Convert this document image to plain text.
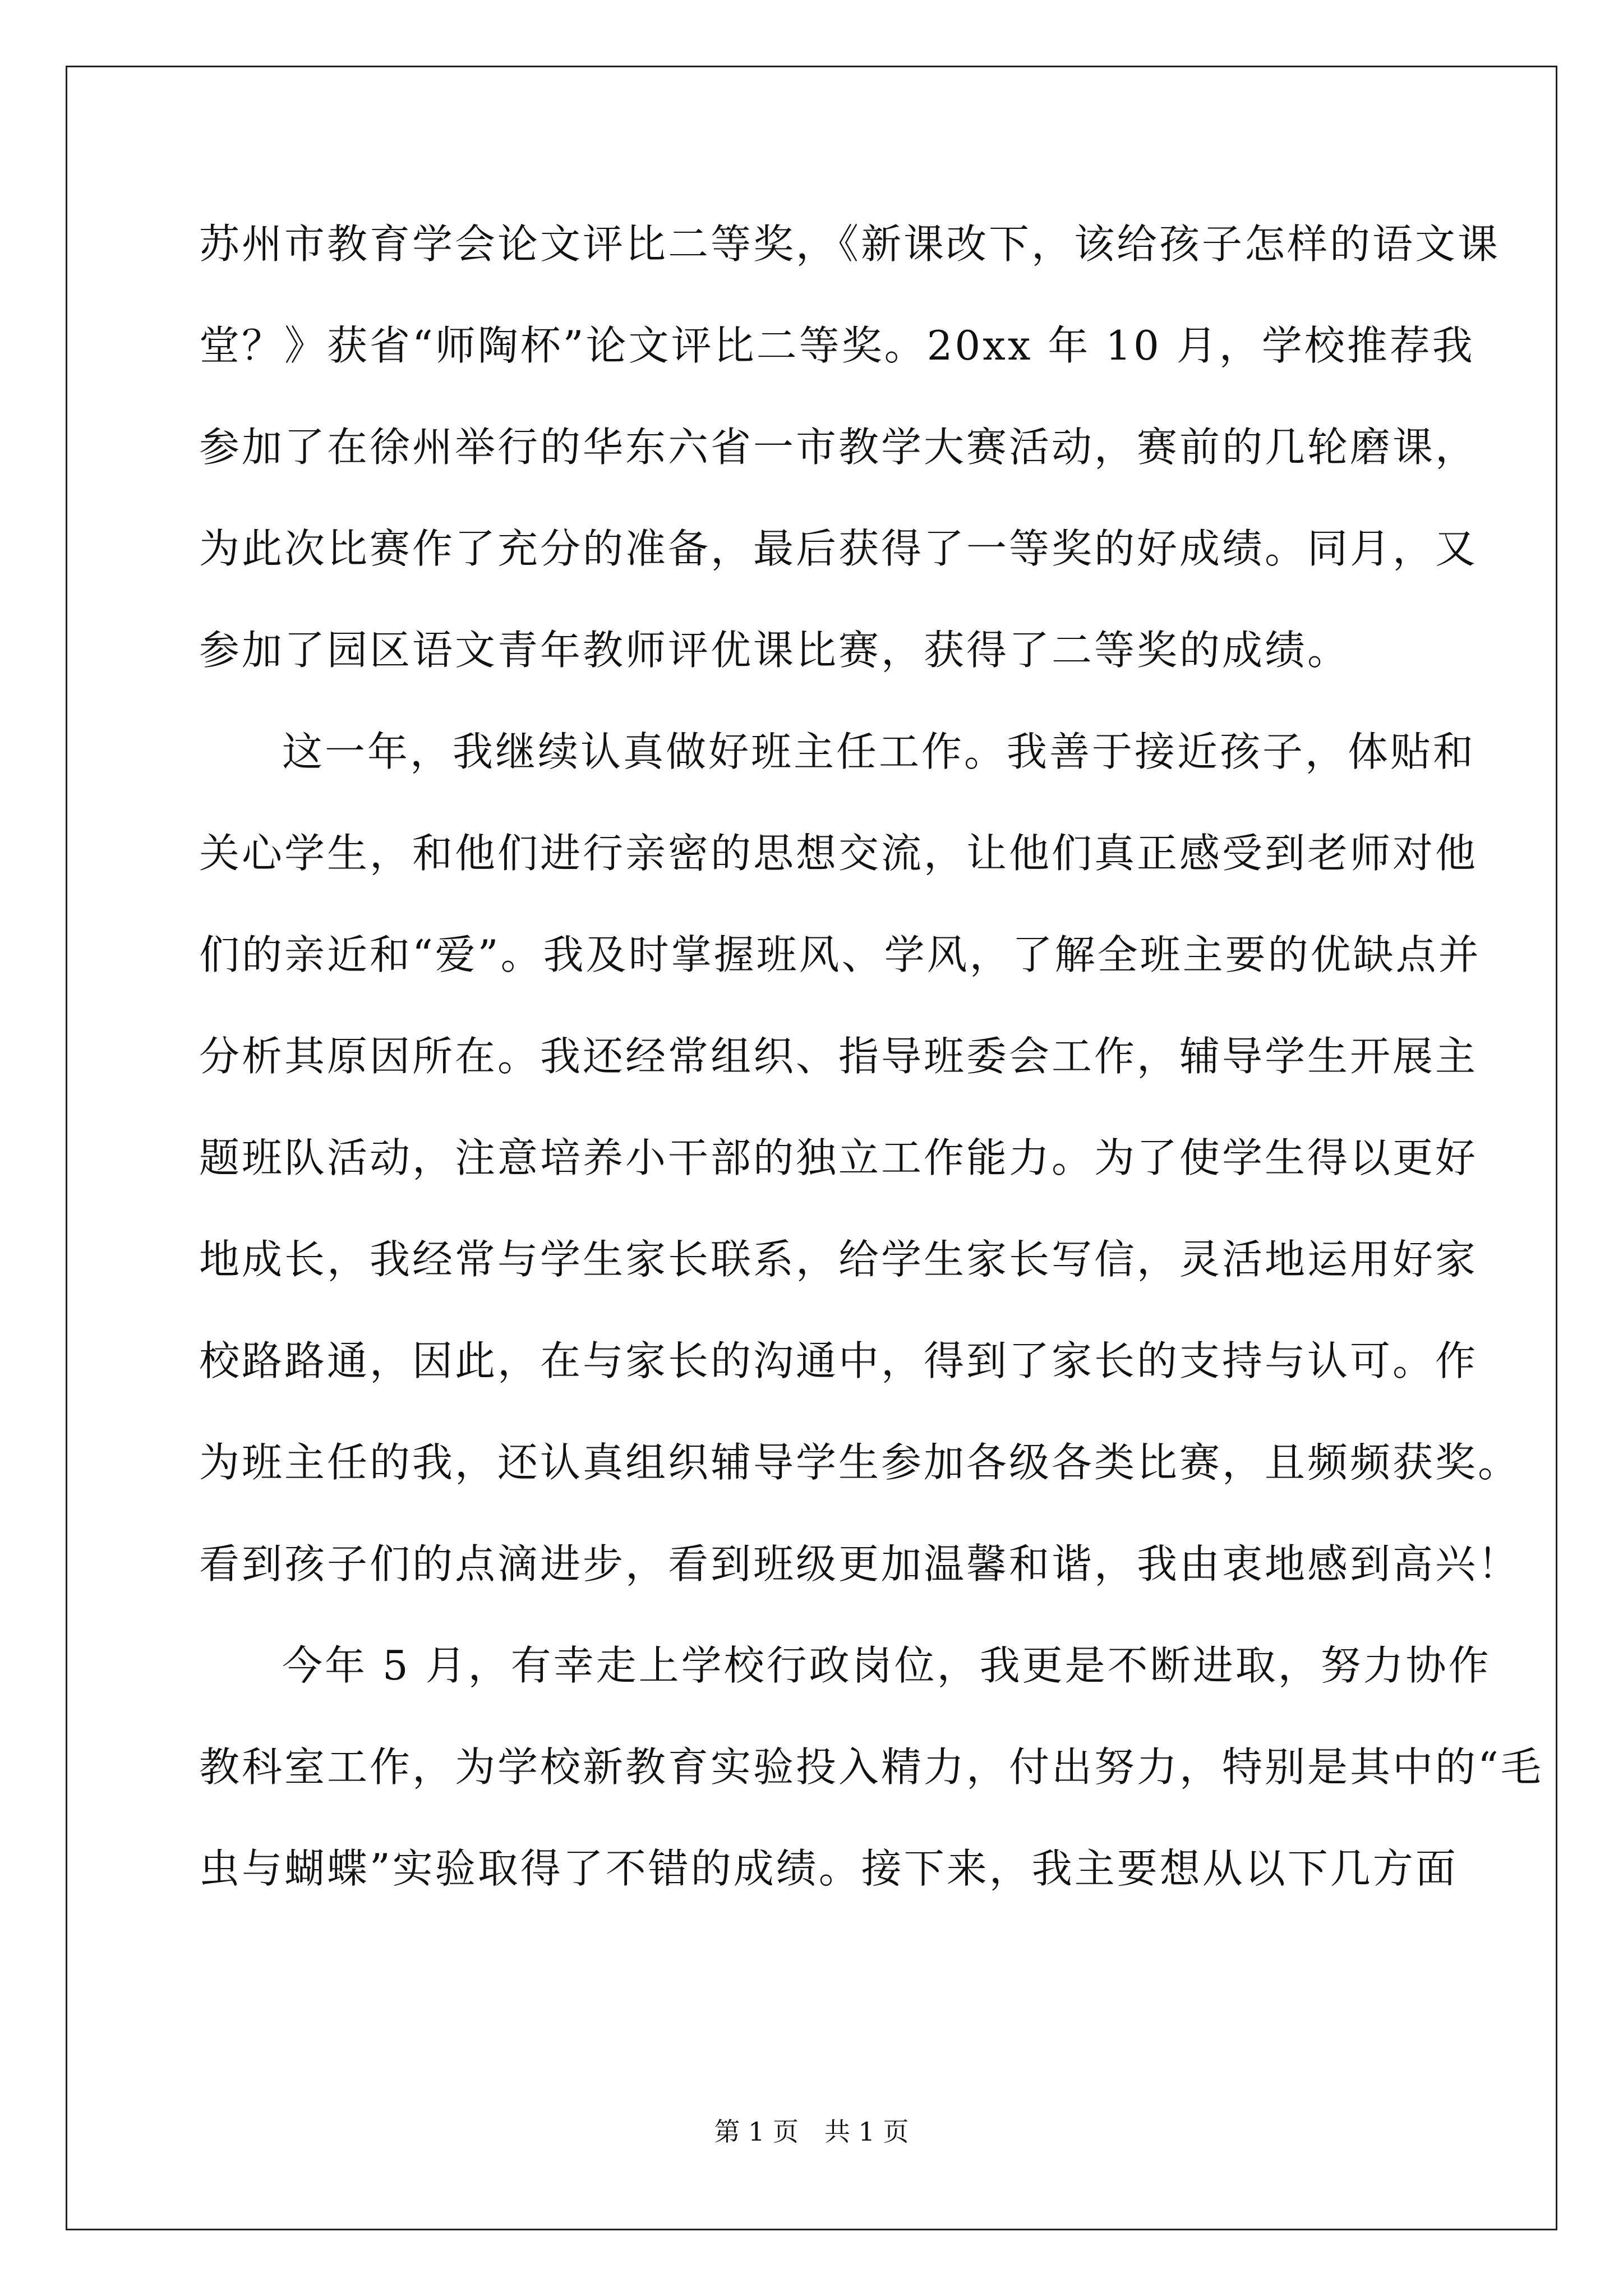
苏州市教育学会论文评比二等奖，《新课改下，该给孩子怎样的语文课
堂？》获省“师陶杯”论文评比二等奖。20xx 年 10 月，学校推荐我
参加了在徐州举行的华东六省一市教学大赛活动，赛前的几轮磨课，
为此次比赛作了充分的准备，最后获得了一等奖的好成绩。同月，又
参加了园区语文青年教师评优课比赛，获得了二等奖的成绩。
这一年，我继续认真做好班主任工作。我善于接近孩子，体贴和
关心学生，和他们进行亲密的思想交流，让他们真正感受到老师对他
们的亲近和“爱”。我及时掌握班风、学风，了解全班主要的优缺点并
分析其原因所在。我还经常组织、指导班委会工作，辅导学生开展主
题班队活动，注意培养小干部的独立工作能力。为了使学生得以更好
地成长，我经常与学生家长联系，给学生家长写信，灵活地运用好家
校路路通，因此，在与家长的沟通中，得到了家长的支持与认可。作
为班主任的我，还认真组织辅导学生参加各级各类比赛，且频频获奖。
看到孩子们的点滴进步，看到班级更加温馨和谐，我由衷地感到高兴！
今年 5 月，有幸走上学校行政岗位，我更是不断进取，努力协作
教科室工作，为学校新教育实验投入精力，付出努力，特别是其中的“毛
虫与蝴蝶”实验取得了不错的成绩。接下来，我主要想从以下几方面
第 1 页　共 1 页
